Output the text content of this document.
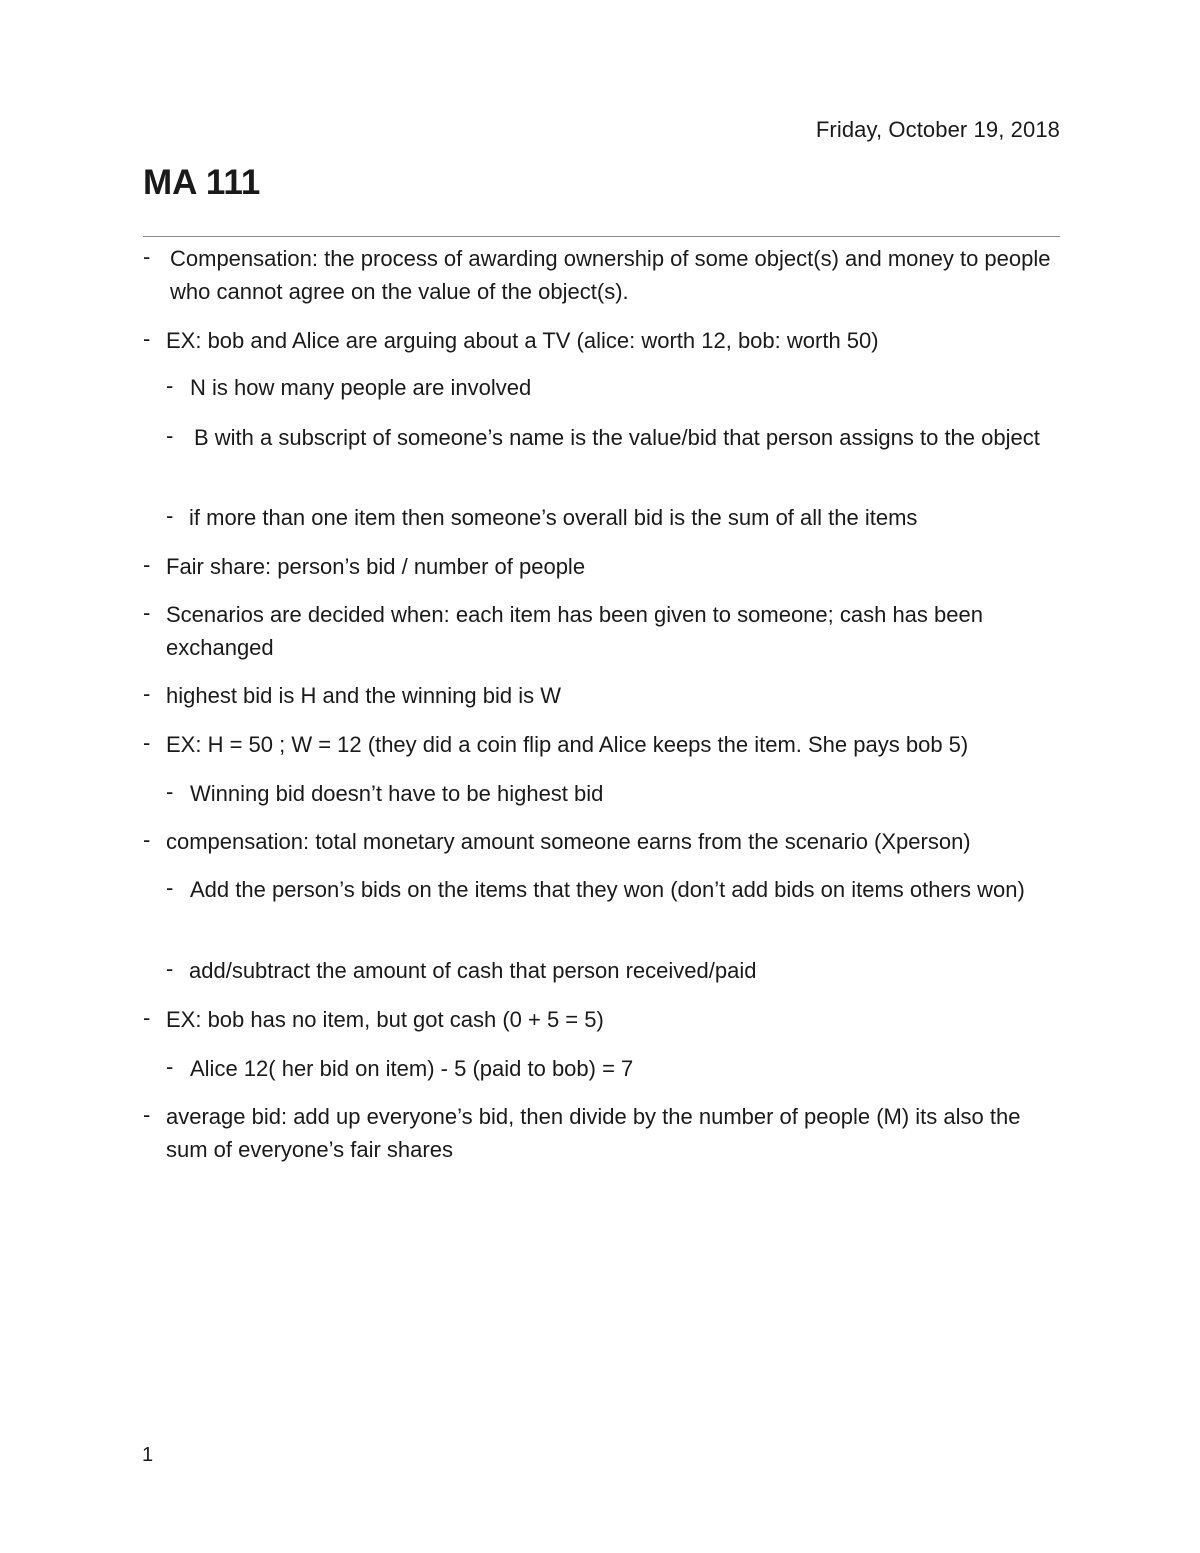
Friday, October 19, 2018
MA 111
- Compensation: the process of awarding ownership of some object(s) and money to people who cannot agree on the value of the object(s).
- EX: bob and Alice are arguing about a TV (alice: worth 12, bob: worth 50)
- N is how many people are involved
- B with a subscript of someone’s name is the value/bid that person assigns to the object
- if more than one item then someone’s overall bid is the sum of all the items
- Fair share: person’s bid / number of people
- Scenarios are decided when: each item has been given to someone; cash has been exchanged
- highest bid is H and the winning bid is W
- EX: H = 50 ; W = 12 (they did a coin flip and Alice keeps the item. She pays bob 5)
- Winning bid doesn’t have to be highest bid
- compensation: total monetary amount someone earns from the scenario (Xperson)
- Add the person’s bids on the items that they won (don’t add bids on items others won)
- add/subtract the amount of cash that person received/paid
- EX: bob has no item, but got cash (0 + 5 = 5)
- Alice 12( her bid on item) - 5 (paid to bob) = 7
- average bid: add up everyone’s bid, then divide by the number of people (M) its also the sum of everyone’s fair shares
1
